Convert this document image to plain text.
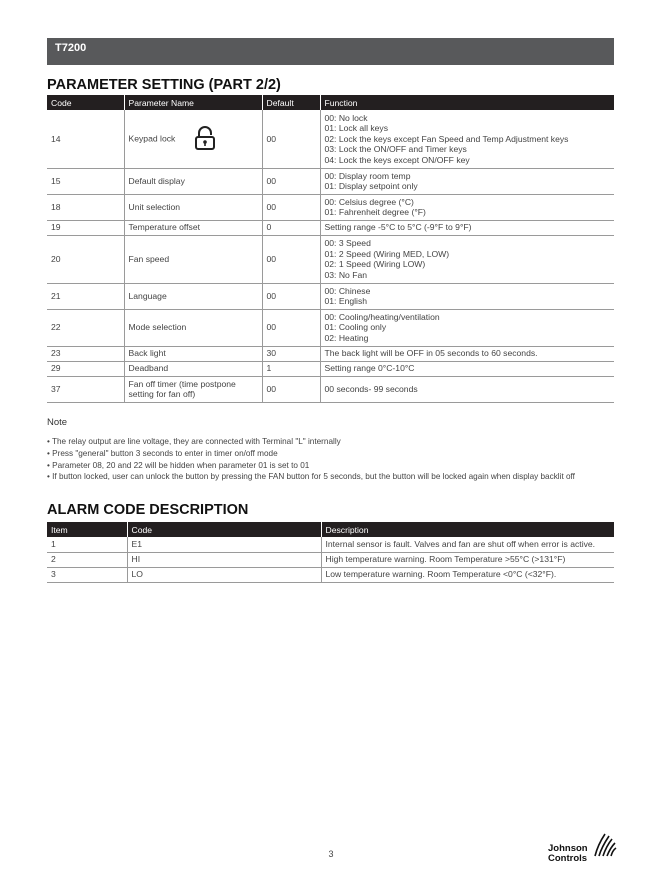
T7200
PARAMETER SETTING (PART 2/2)
Code	Parameter Name	Default	Function
14	Keypad lock	00	00: No lock
01: Lock all keys
02: Lock the keys except Fan Speed and Temp Adjustment keys
03: Lock the ON/OFF and Timer keys
04: Lock the keys except ON/OFF key

15	Default display	00	00: Display room temp
01: Display setpoint only

18	Unit selection	00	00: Celsius degree (°C)
01: Fahrenheit degree (°F)

19	Temperature offset	0	Setting range -5°C to 5°C (-9°F to 9°F)

20	Fan speed	00	00: 3 Speed
01: 2 Speed (Wiring MED, LOW)
02: 1 Speed (Wiring LOW)
03: No Fan

21	Language	00	00: Chinese
01: English

22	Mode selection	00	00: Cooling/heating/ventilation
01: Cooling only
02: Heating

23	Back light	30	The back light will be OFF in 05 seconds to 60 seconds.

29	Deadband	1	Setting range 0°C-10°C

37	Fan off timer (time postpone setting for fan off)	00	00 seconds- 99 seconds
Note
• The relay output are line voltage, they are connected with Terminal "L" internally
• Press "general" button 3 seconds to enter in timer on/off mode
• Parameter 08, 20 and 22 will be hidden when parameter 01 is set to 01
• If button locked, user can unlock the button by pressing the FAN button for 5 seconds, but the button will be locked again when display backlit off
ALARM CODE DESCRIPTION
Item	Code	Description
1	E1	Internal sensor is fault. Valves and fan are shut off when error is active.
2	HI	High temperature warning. Room Temperature >55°C (>131°F)
3	LO	Low temperature warning. Room Temperature <0°C (<32°F).
3	Johnson
Controls
